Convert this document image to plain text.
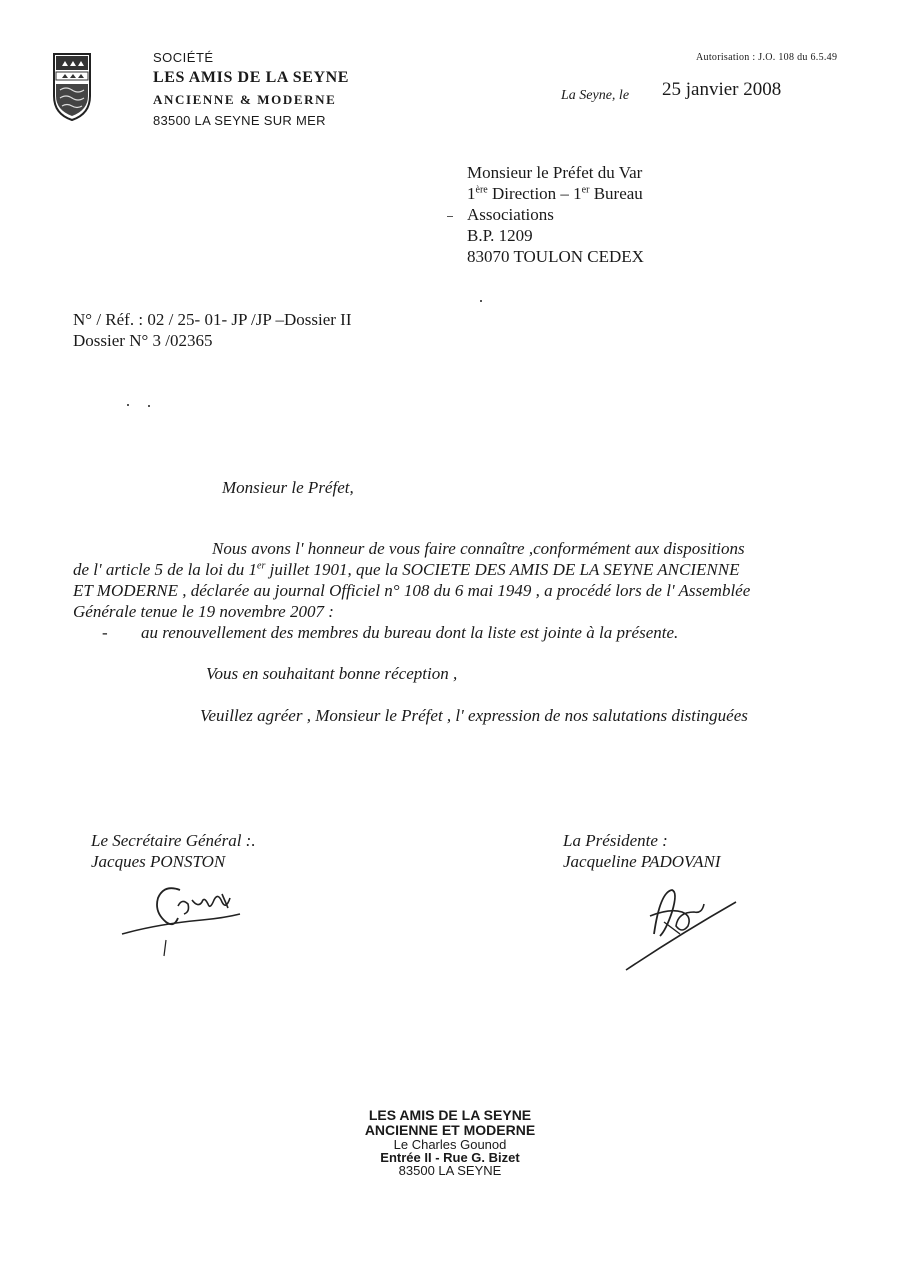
SOCIÉTÉ
LES AMIS DE LA SEYNE
ANCIENNE & MODERNE
83500 LA SEYNE SUR MER
Autorisation : J.O. 108 du 6.5.49
La Seyne, le 25 janvier 2008
Monsieur le Préfet du Var
1ère Direction – 1er Bureau
Associations
B.P. 1209
83070 TOULON CEDEX
N° / Réf. : 02 / 25- 01- JP /JP –Dossier II
Dossier N° 3 /02365
Monsieur le Préfet,
Nous avons l' honneur de vous faire connaître ,conformément aux dispositions
de l' article 5 de la loi du 1er juillet 1901, que la SOCIETE DES AMIS DE LA SEYNE ANCIENNE
ET MODERNE , déclarée au journal Officiel n° 108 du 6 mai 1949 , a procédé lors de l' Assemblée
Générale tenue le 19 novembre 2007 :
- au renouvellement des membres du bureau dont la liste est jointe à la présente.
Vous en souhaitant bonne réception ,
Veuillez agréer , Monsieur le Préfet , l' expression de nos salutations distinguées
Le Secrétaire Général :.
Jacques PONSTON
La Présidente :
Jacqueline PADOVANI
LES AMIS DE LA SEYNE
ANCIENNE ET MODERNE
Le Charles Gounod
Entrée II - Rue G. Bizet
83500 LA SEYNE
